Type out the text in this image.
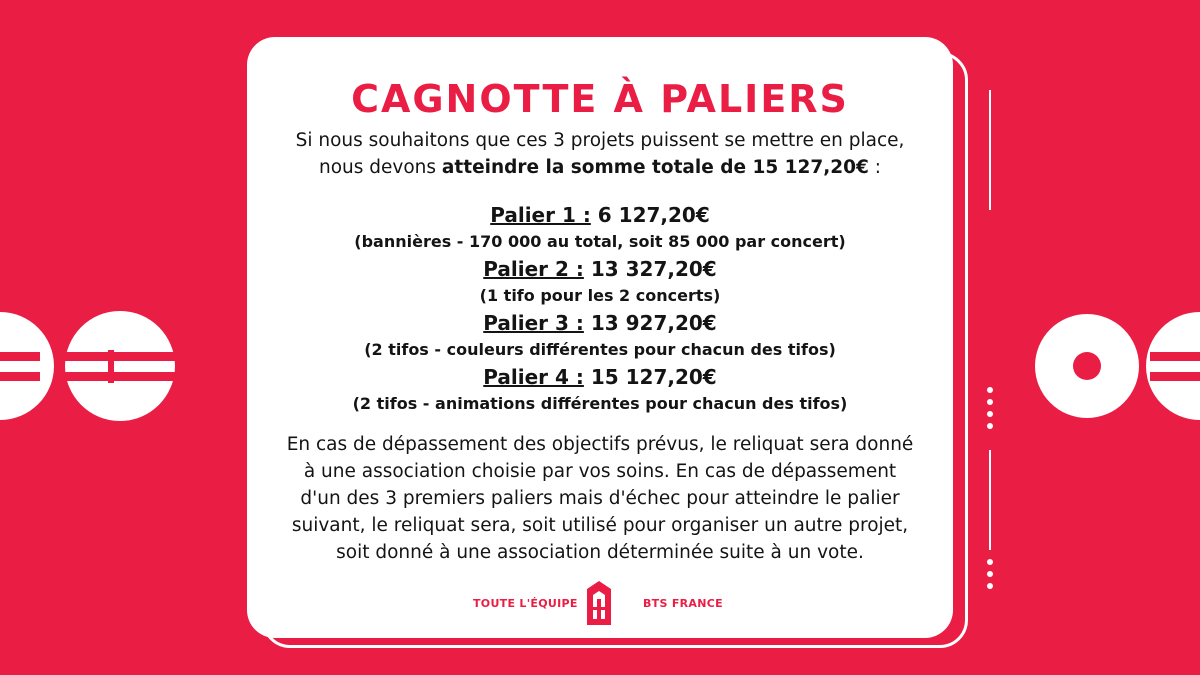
CAGNOTTE À PALIERS
Si nous souhaitons que ces 3 projets puissent se mettre en place,
nous devons atteindre la somme totale de 15 127,20€ :
Palier 1 : 6 127,20€
(bannières - 170 000 au total, soit 85 000 par concert)
Palier 2 : 13 327,20€
(1 tifo pour les 2 concerts)
Palier 3 : 13 927,20€
(2 tifos - couleurs différentes pour chacun des tifos)
Palier 4 : 15 127,20€
(2 tifos - animations différentes pour chacun des tifos)
En cas de dépassement des objectifs prévus, le reliquat sera donné
à une association choisie par vos soins. En cas de dépassement
d'un des 3 premiers paliers mais d'échec pour atteindre le palier
suivant, le reliquat sera, soit utilisé pour organiser un autre projet,
soit donné à une association déterminée suite à un vote.
TOUTE L'ÉQUIPE	BTS FRANCE
